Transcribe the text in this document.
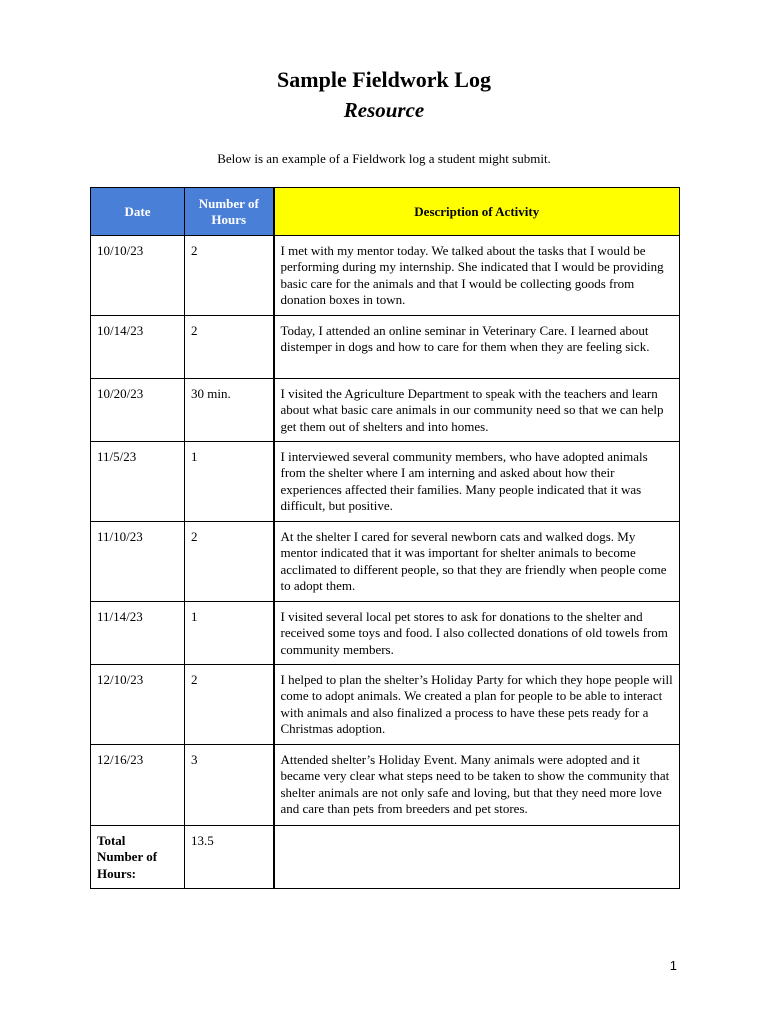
Sample Fieldwork Log
Resource
Below is an example of a Fieldwork log a student might submit.
Date	Number of Hours	Description of Activity

10/10/23	2	I met with my mentor today. We talked about the tasks that I would be performing during my internship. She indicated that I would be providing basic care for the animals and that I would be collecting goods from donation boxes in town.

10/14/23	2	Today, I attended an online seminar in Veterinary Care. I learned about distemper in dogs and how to care for them when they are feeling sick.

10/20/23	30 min.	I visited the Agriculture Department to speak with the teachers and learn about what basic care animals in our community need so that we can help get them out of shelters and into homes.

11/5/23	1	I interviewed several community members, who have adopted animals from the shelter where I am interning and asked about how their experiences affected their families. Many people indicated that it was difficult, but positive.

11/10/23	2	At the shelter I cared for several newborn cats and walked dogs. My mentor indicated that it was important for shelter animals to become acclimated to different people, so that they are friendly when people come to adopt them.

11/14/23	1	I visited several local pet stores to ask for donations to the shelter and received some toys and food. I also collected donations of old towels from community members.

12/10/23	2	I helped to plan the shelter’s Holiday Party for which they hope people will come to adopt animals. We created a plan for people to be able to interact with animals and also finalized a process to have these pets ready for a Christmas adoption.

12/16/23	3	Attended shelter’s Holiday Event. Many animals were adopted and it became very clear what steps need to be taken to show the community that shelter animals are not only safe and loving, but that they need more love and care than pets from breeders and pet stores.

Total Number of Hours:	13.5	

1
